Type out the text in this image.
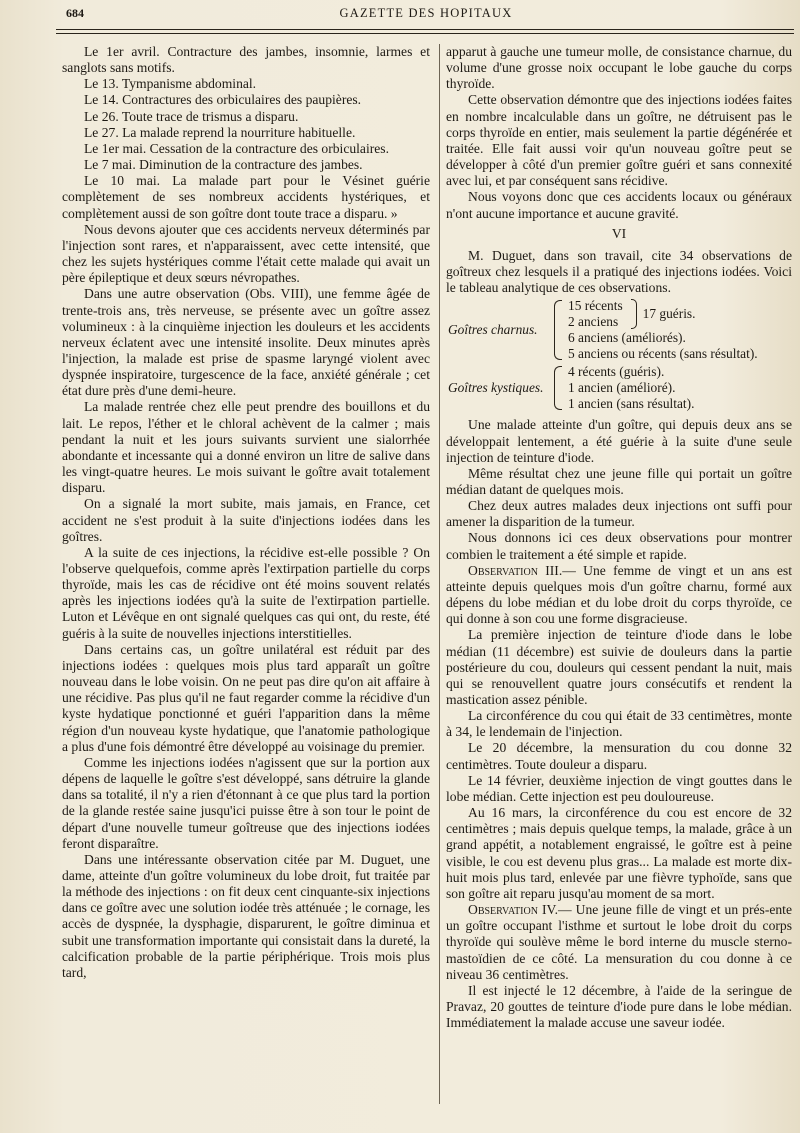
684	GAZETTE DES HOPITAUX

Le 1er avril. Contracture des jambes, insomnie, larmes et sanglots sans motifs.

Le 13. Tympanisme abdominal.

Le 14. Contractures des orbiculaires des paupières.

Le 26. Toute trace de trismus a disparu.

Le 27. La malade reprend la nourriture habituelle.

Le 1er mai. Cessation de la contracture des orbiculaires.

Le 7 mai. Diminution de la contracture des jambes.

Le 10 mai. La malade part pour le Vésinet guérie complètement de ses nombreux accidents hystériques, et complètement aussi de son goître dont toute trace a disparu. »

Nous devons ajouter que ces accidents nerveux déterminés par l'injection sont rares, et n'apparaissent, avec cette intensité, que chez les sujets hystériques comme l'était cette malade qui avait un père épileptique et deux sœurs névropathes.

Dans une autre observation (Obs. VIII), une femme âgée de trente-trois ans, très nerveuse, se présente avec un goître assez volumineux : à la cinquième injection les douleurs et les accidents nerveux éclatent avec une intensité insolite. Deux minutes après l'injection, la malade est prise de spasme laryngé violent avec dyspnée inspiratoire, turgescence de la face, anxiété générale ; cet état dure près d'une demi-heure.

La malade rentrée chez elle peut prendre des bouillons et du lait. Le repos, l'éther et le chloral achèvent de la calmer ; mais pendant la nuit et les jours suivants survient une sialorrhée abondante et incessante qui a donné environ un litre de salive dans les vingt-quatre heures. Le mois suivant le goître avait totalement disparu.

On a signalé la mort subite, mais jamais, en France, cet accident ne s'est produit à la suite d'injections iodées dans les goîtres.

A la suite de ces injections, la récidive est-elle possible ? On l'observe quelquefois, comme après l'extirpation partielle du corps thyroïde, mais les cas de récidive ont été moins souvent relatés après les injections iodées qu'à la suite de l'extirpation partielle. Luton et Lévêque en ont signalé quelques cas qui ont, du reste, été guéris à la suite de nouvelles injections interstitielles.

Dans certains cas, un goître unilatéral est réduit par des injections iodées : quelques mois plus tard apparaît un goître nouveau dans le lobe voisin. On ne peut pas dire qu'on ait affaire à une récidive. Pas plus qu'il ne faut regarder comme la récidive d'un kyste hydatique ponctionné et guéri l'apparition dans la même région d'un nouveau kyste hydatique, que l'anatomie pathologique a plus d'une fois démontré être développé au voisinage du premier.

Comme les injections iodées n'agissent que sur la portion aux dépens de laquelle le goître s'est développé, sans détruire la glande dans sa totalité, il n'y a rien d'étonnant à ce que plus tard la portion de la glande restée saine jusqu'ici puisse être à son tour le point de départ d'une nouvelle tumeur goîtreuse que des injections iodées feront disparaître.

Dans une intéressante observation citée par M. Duguet, une dame, atteinte d'un goître volumineux du lobe droit, fut traitée par la méthode des injections : on fit deux cent cinquante-six injections dans ce goître avec une solution iodée très atténuée ; le cornage, les accès de dyspnée, la dysphagie, disparurent, le goître diminua et subit une transformation importante qui consistait dans la dureté, la calcification probable de la partie périphérique. Trois mois plus tard,

apparut à gauche une tumeur molle, de consistance charnue, du volume d'une grosse noix occupant le lobe gauche du corps thyroïde.

Cette observation démontre que des injections iodées faites en nombre incalculable dans un goître, ne détruisent pas le corps thyroïde en entier, mais seulement la partie dégénérée et traitée. Elle fait aussi voir qu'un nouveau goître peut se développer à côté d'un premier goître guéri et sans connexité avec lui, et par conséquent sans récidive.

Nous voyons donc que ces accidents locaux ou généraux n'ont aucune importance et aucune gravité.

VI

M. Duguet, dans son travail, cite 34 observations de goîtreux chez lesquels il a pratiqué des injections iodées. Voici le tableau analytique de ces observations.

Goîtres charnus.
15 récents
2 anciens
17 guéris.
6 anciens (améliorés).
5 anciens ou récents (sans résultat).
Goîtres kystiques.
4 récents (guéris).
1 ancien (amélioré).
1 ancien (sans résultat).

Une malade atteinte d'un goître, qui depuis deux ans se développait lentement, a été guérie à la suite d'une seule injection de teinture d'iode.

Même résultat chez une jeune fille qui portait un goître médian datant de quelques mois.

Chez deux autres malades deux injections ont suffi pour amener la disparition de la tumeur.

Nous donnons ici ces deux observations pour montrer combien le traitement a été simple et rapide.

Observation III.— Une femme de vingt et un ans est atteinte depuis quelques mois d'un goître charnu, formé aux dépens du lobe médian et du lobe droit du corps thyroïde, ce qui donne à son cou une forme disgracieuse.

La première injection de teinture d'iode dans le lobe médian (11 décembre) est suivie de douleurs dans la partie postérieure du cou, douleurs qui cessent pendant la nuit, mais qui se renouvellent quatre jours consécutifs et rendent la mastication assez pénible.

La circonférence du cou qui était de 33 centimètres, monte à 34, le lendemain de l'injection.

Le 20 décembre, la mensuration du cou donne 32 centimètres. Toute douleur a disparu.

Le 14 février, deuxième injection de vingt gouttes dans le lobe médian. Cette injection est peu douloureuse.

Au 16 mars, la circonférence du cou est encore de 32 centimètres ; mais depuis quelque temps, la malade, grâce à un grand appétit, a notablement engraissé, le goître est à peine visible, le cou est devenu plus gras... La malade est morte dix-huit mois plus tard, enlevée par une fièvre typhoïde, sans que son goître ait reparu jusqu'au moment de sa mort.

Observation IV.— Une jeune fille de vingt et un prés-ente un goître occupant l'isthme et surtout le lobe droit du corps thyroïde qui soulève même le bord interne du muscle sterno-mastoïdien de ce côté. La mensuration du cou donne à ce niveau 36 centimètres.

Il est injecté le 12 décembre, à l'aide de la seringue de Pravaz, 20 gouttes de teinture d'iode pure dans le lobe médian. Immédiatement la malade accuse une saveur iodée.
